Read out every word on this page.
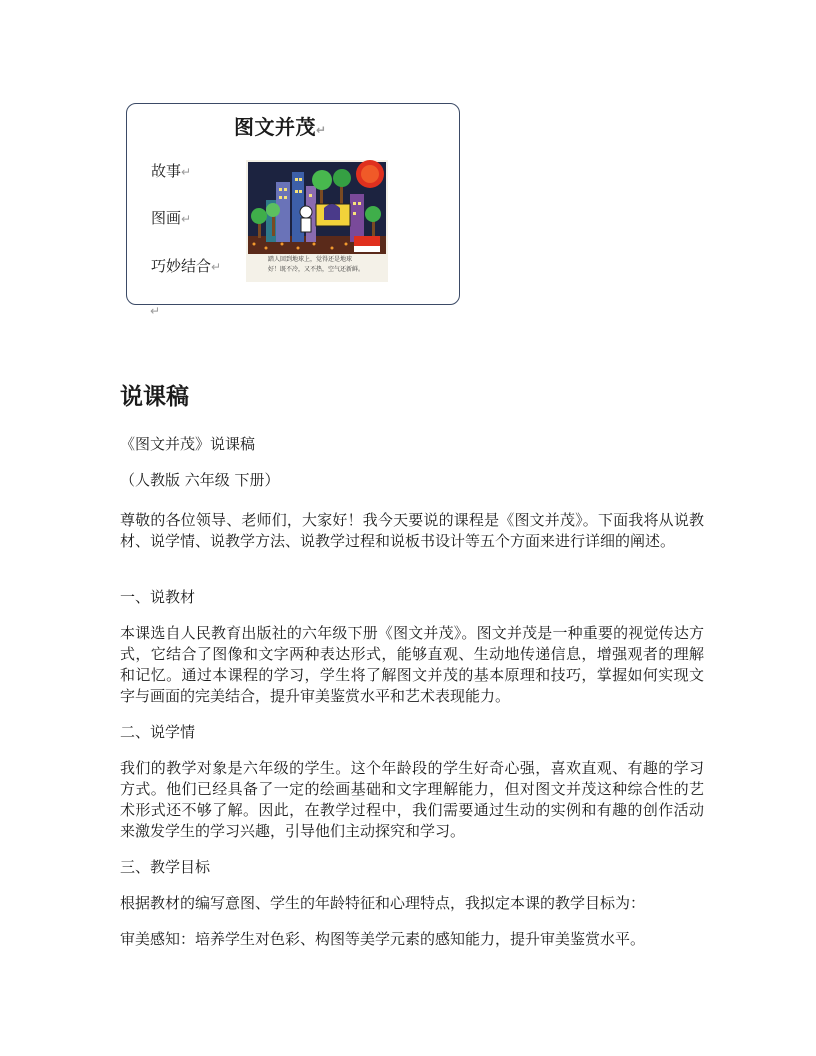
图文并茂↵
故事↵
图画↵
巧妙结合↵
踏人回到地球上，觉得还是地球
好！既不冷，又不热，空气还新鲜。
↵
说课稿

《图文并茂》说课稿

（人教版 六年级 下册）

尊敬的各位领导、老师们，大家好！我今天要说的课程是《图文并茂》。下面我将从说教材、说学情、说教学方法、说教学过程和说板书设计等五个方面来进行详细的阐述。

一、说教材

本课选自人民教育出版社的六年级下册《图文并茂》。图文并茂是一种重要的视觉传达方式，它结合了图像和文字两种表达形式，能够直观、生动地传递信息，增强观者的理解和记忆。通过本课程的学习，学生将了解图文并茂的基本原理和技巧，掌握如何实现文字与画面的完美结合，提升审美鉴赏水平和艺术表现能力。

二、说学情

我们的教学对象是六年级的学生。这个年龄段的学生好奇心强，喜欢直观、有趣的学习方式。他们已经具备了一定的绘画基础和文字理解能力，但对图文并茂这种综合性的艺术形式还不够了解。因此，在教学过程中，我们需要通过生动的实例和有趣的创作活动来激发学生的学习兴趣，引导他们主动探究和学习。

三、教学目标

根据教材的编写意图、学生的年龄特征和心理特点，我拟定本课的教学目标为：

审美感知：培养学生对色彩、构图等美学元素的感知能力，提升审美鉴赏水平。
